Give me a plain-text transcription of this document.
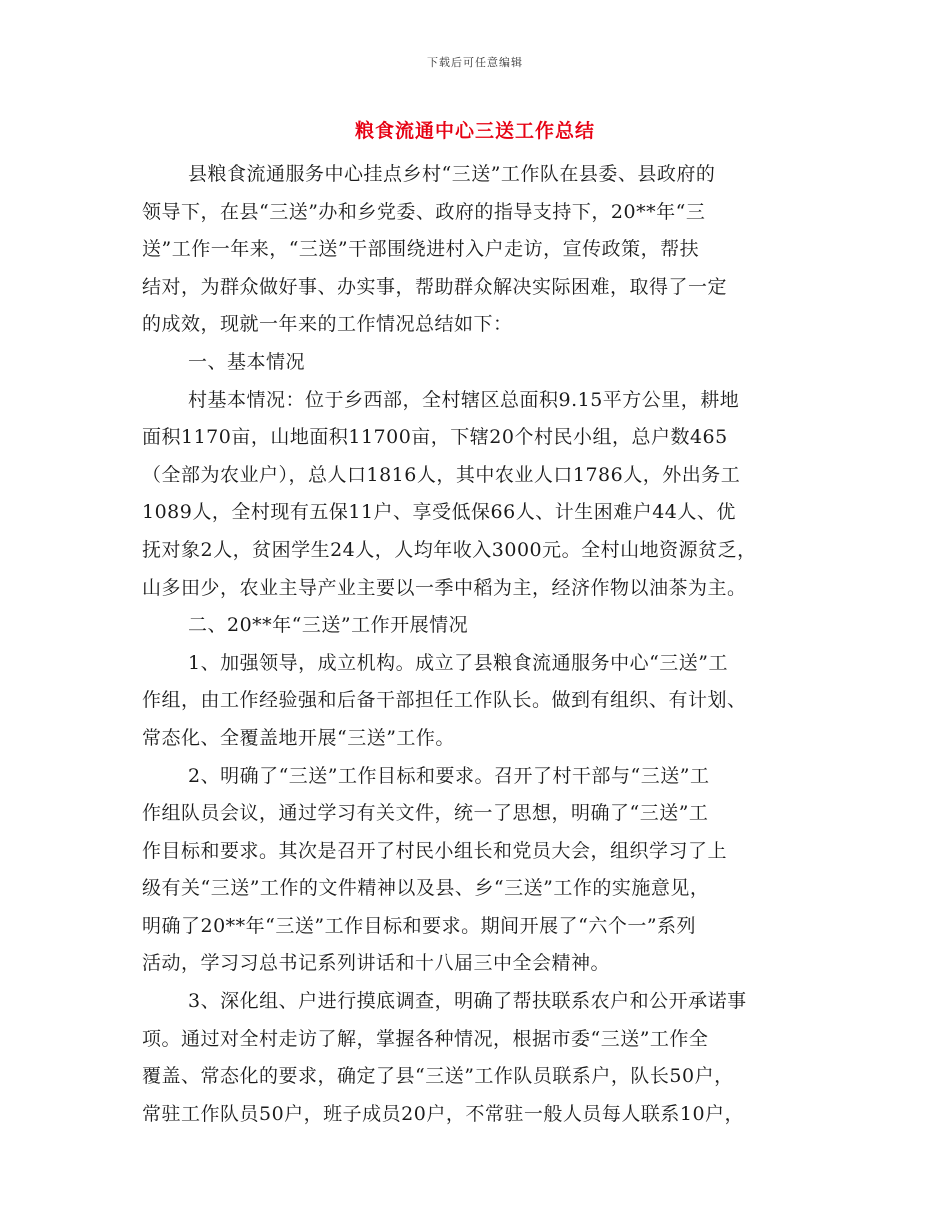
下载后可任意编辑
粮食流通中心三送工作总结
县粮食流通服务中心挂点乡村“三送”工作队在县委、县政府的
领导下，在县“三送”办和乡党委、政府的指导支持下，20**年“三
送”工作一年来，“三送”干部围绕进村入户走访，宣传政策，帮扶
结对，为群众做好事、办实事，帮助群众解决实际困难，取得了一定
的成效，现就一年来的工作情况总结如下：
一、基本情况
村基本情况：位于乡西部，全村辖区总面积9.15平方公里，耕地
面积1170亩，山地面积11700亩，下辖20个村民小组，总户数465
（全部为农业户），总人口1816人，其中农业人口1786人，外出务工
1089人，全村现有五保11户、享受低保66人、计生困难户44人、优
抚对象2人，贫困学生24人，人均年收入3000元。全村山地资源贫乏，
山多田少，农业主导产业主要以一季中稻为主，经济作物以油茶为主。
二、20**年“三送”工作开展情况
1、加强领导，成立机构。成立了县粮食流通服务中心“三送”工
作组，由工作经验强和后备干部担任工作队长。做到有组织、有计划、
常态化、全覆盖地开展“三送”工作。
2、明确了“三送”工作目标和要求。召开了村干部与“三送”工
作组队员会议，通过学习有关文件，统一了思想，明确了“三送”工
作目标和要求。其次是召开了村民小组长和党员大会，组织学习了上
级有关“三送”工作的文件精神以及县、乡“三送”工作的实施意见，
明确了20**年“三送”工作目标和要求。期间开展了“六个一”系列
活动，学习习总书记系列讲话和十八届三中全会精神。
3、深化组、户进行摸底调查，明确了帮扶联系农户和公开承诺事
项。通过对全村走访了解，掌握各种情况，根据市委“三送”工作全
覆盖、常态化的要求，确定了县“三送”工作队员联系户，队长50户，
常驻工作队员50户，班子成员20户，不常驻一般人员每人联系10户，
